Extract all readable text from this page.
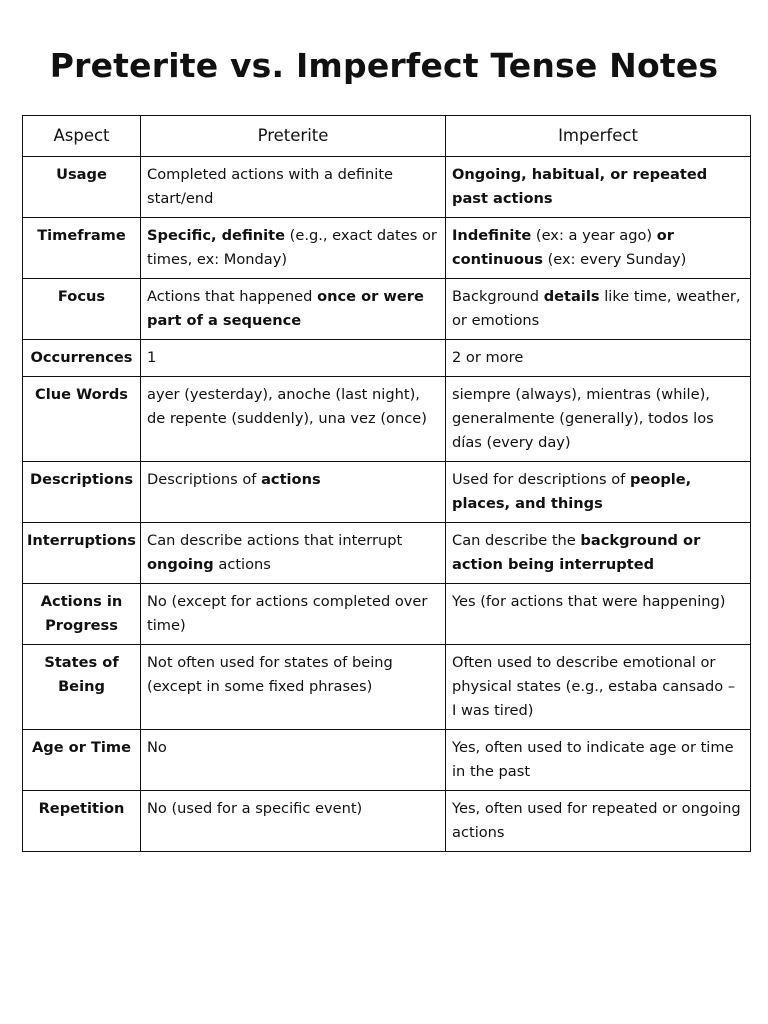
Preterite vs. Imperfect Tense Notes
Aspect	Preterite	Imperfect
Usage	Completed actions with a definite start/end	Ongoing, habitual, or repeated past actions
Timeframe	Specific, definite (e.g., exact dates or times, ex: Monday)	Indefinite (ex: a year ago) or continuous (ex: every Sunday)
Focus	Actions that happened once or were part of a sequence	Background details like time, weather, or emotions
Occurrences	1	2 or more
Clue Words	ayer (yesterday), anoche (last night), de repente (suddenly), una vez (once)	siempre (always), mientras (while), generalmente (generally), todos los días (every day)
Descriptions	Descriptions of actions	Used for descriptions of people, places, and things
Interruptions	Can describe actions that interrupt ongoing actions	Can describe the background or action being interrupted
Actions in Progress	No (except for actions completed over time)	Yes (for actions that were happening)
States of Being	Not often used for states of being (except in some fixed phrases)	Often used to describe emotional or physical states (e.g., estaba cansado – I was tired)
Age or Time	No	Yes, often used to indicate age or time in the past
Repetition	No (used for a specific event)	Yes, often used for repeated or ongoing actions
